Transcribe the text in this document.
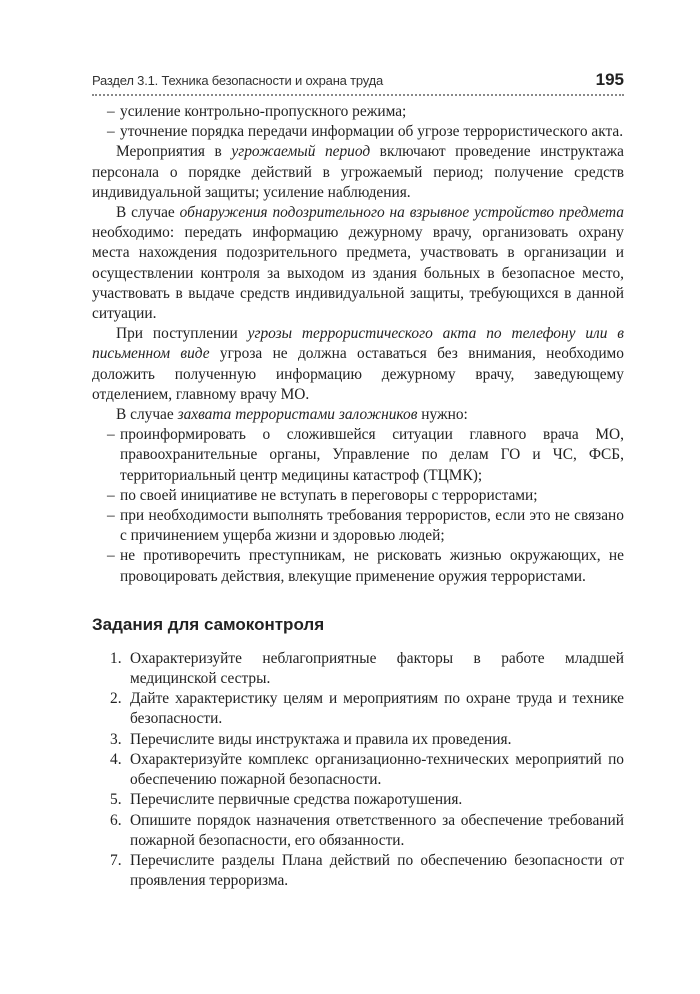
Раздел 3.1. Техника безопасности и охрана труда	195
– усиление контрольно-пропускного режима;
– уточнение порядка передачи информации об угрозе террористического акта.

Мероприятия в угрожаемый период включают проведение инструктажа персонала о порядке действий в угрожаемый период; получение средств индивидуальной защиты; усиление наблюдения.

В случае обнаружения подозрительного на взрывное устройство предмета необходимо: передать информацию дежурному врачу, организовать охрану места нахождения подозрительного предмета, участвовать в организации и осуществлении контроля за выходом из здания больных в безопасное место, участвовать в выдаче средств индивидуальной защиты, требующихся в данной ситуации.

При поступлении угрозы террористического акта по телефону или в письменном виде угроза не должна оставаться без внимания, необходимо доложить полученную информацию дежурному врачу, заведующему отделением, главному врачу МО.

В случае захвата террористами заложников нужно:

– проинформировать о сложившейся ситуации главного врача МО, правоохранительные органы, Управление по делам ГО и ЧС, ФСБ, территориальный центр медицины катастроф (ТЦМК);
– по своей инициативе не вступать в переговоры с террористами;
– при необходимости выполнять требования террористов, если это не связано с причинением ущерба жизни и здоровью людей;
– не противоречить преступникам, не рисковать жизнью окружающих, не провоцировать действия, влекущие применение оружия террористами.
Задания для самоконтроля
1. Охарактеризуйте неблагоприятные факторы в работе младшей медицинской сестры.
2. Дайте характеристику целям и мероприятиям по охране труда и технике безопасности.
3. Перечислите виды инструктажа и правила их проведения.
4. Охарактеризуйте комплекс организационно-технических мероприятий по обеспечению пожарной безопасности.
5. Перечислите первичные средства пожаротушения.
6. Опишите порядок назначения ответственного за обеспечение требований пожарной безопасности, его обязанности.
7. Перечислите разделы Плана действий по обеспечению безопасности от проявления терроризма.
